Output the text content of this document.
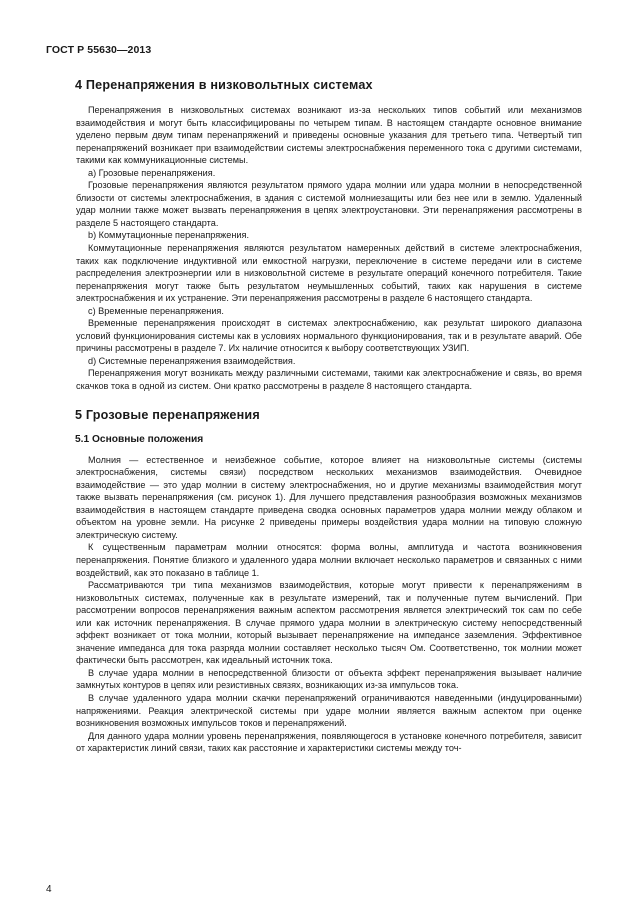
ГОСТ Р 55630—2013
4 Перенапряжения в низковольтных системах

Перенапряжения в низковольтных системах возникают из-за нескольких типов событий или механизмов взаимодействия и могут быть классифицированы по четырем типам. В настоящем стандарте основное внимание уделено первым двум типам перенапряжений и приведены основные указания для третьего типа. Четвертый тип перенапряжений возникает при взаимодействии системы электроснабжения переменного тока с другими системами, такими как коммуникационные системы.

a) Грозовые перенапряжения.

Грозовые перенапряжения являются результатом прямого удара молнии или удара молнии в непосредственной близости от системы электроснабжения, в здания с системой молниезащиты или без нее или в землю. Удаленный удар молнии также может вызвать перенапряжения в цепях электроустановки. Эти перенапряжения рассмотрены в разделе 5 настоящего стандарта.

b) Коммутационные перенапряжения.

Коммутационные перенапряжения являются результатом намеренных действий в системе электроснабжения, таких как подключение индуктивной или емкостной нагрузки, переключение в системе передачи или в системе распределения электроэнергии или в низковольтной системе в результате операций конечного потребителя. Такие перенапряжения могут также быть результатом неумышленных событий, таких как нарушения в системе электроснабжения и их устранение. Эти перенапряжения рассмотрены в разделе 6 настоящего стандарта.

c) Временные перенапряжения.

Временные перенапряжения происходят в системах электроснабжению, как результат широкого диапазона условий функционирования системы как в условиях нормального функционирования, так и в результате аварий. Обе причины рассмотрены в разделе 7. Их наличие относится к выбору соответствующих УЗИП.

d) Системные перенапряжения взаимодействия.

Перенапряжения могут возникать между различными системами, такими как электроснабжение и связь, во время скачков тока в одной из систем. Они кратко рассмотрены в разделе 8 настоящего стандарта.

5 Грозовые перенапряжения
5.1 Основные положения

Молния — естественное и неизбежное событие, которое влияет на низковольтные системы (системы электроснабжения, системы связи) посредством нескольких механизмов взаимодействия. Очевидное взаимодействие — это удар молнии в систему электроснабжения, но и другие механизмы взаимодействия могут также вызвать перенапряжения (см. рисунок 1). Для лучшего представления разнообразия возможных механизмов взаимодействия в настоящем стандарте приведена сводка основных параметров удара молнии между облаком и объектом на уровне земли. На рисунке 2 приведены примеры воздействия удара молнии на типовую сложную электрическую систему.

К существенным параметрам молнии относятся: форма волны, амплитуда и частота возникновения перенапряжения. Понятие близкого и удаленного удара молнии включает несколько параметров и связанных с ними воздействий, как это показано в таблице 1.

Рассматриваются три типа механизмов взаимодействия, которые могут привести к перенапряжениям в низковольтных системах, полученные как в результате измерений, так и полученные путем вычислений. При рассмотрении вопросов перенапряжения важным аспектом рассмотрения является электрический ток сам по себе или как источник перенапряжения. В случае прямого удара молнии в электрическую систему непосредственный эффект возникает от тока молнии, который вызывает перенапряжение на импедансе заземления. Эффективное значение импеданса для тока разряда молнии составляет несколько тысяч Ом. Соответственно, ток молнии может фактически быть рассмотрен, как идеальный источник тока.

В случае удара молнии в непосредственной близости от объекта эффект перенапряжения вызывает наличие замкнутых контуров в цепях или резистивных связях, возникающих из-за импульсов тока.

В случае удаленного удара молнии скачки перенапряжений ограничиваются наведенными (индуцированными) напряжениями. Реакция электрической системы при ударе молнии является важным аспектом при оценке возникновения возможных импульсов токов и перенапряжений.

Для данного удара молнии уровень перенапряжения, появляющегося в установке конечного потребителя, зависит от характеристик линий связи, таких как расстояние и характеристики системы между точ-

4
